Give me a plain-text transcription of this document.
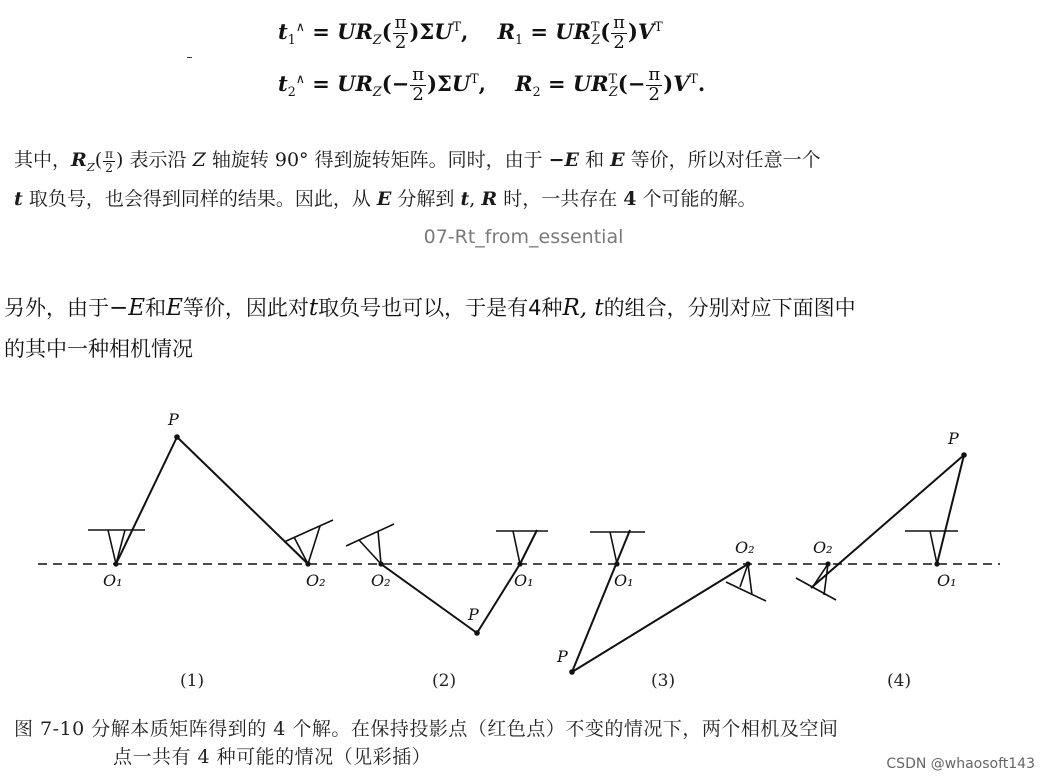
$t_1^\wedge = UR_Z( \frac{\pi}{2} )\Sigma U^T$,    $R_1 = UR^T_Z( \frac{\pi}{2} )V^T$
$t_2^\wedge = UR_Z(- \frac{\pi}{2} )\Sigma U^T$,    $R_2 = UR^T_Z(- \frac{\pi}{2} )V^T$.
其中，$R_Z( \frac{\pi}{2}$ ) 表示沿 Z 轴旋转 90° 得到旋转矩阵。同时，由于 −E 和 E 等价，所以对任意一个
t 取负号，也会得到同样的结果。因此，从 E 分解到 t, R 时，一共存在 4 个可能的解。
07-Rt_from_essential
另外，由于−E和E等价，因此对t取负号也可以，于是有4种R, t的组合，分别对应下面图中
的其中一种相机情况
P
O₁	O₂	O₂
P
O₁	O₁
P
O₂	O₂
P
O₁
(1)	(2)	(3)	(4)
图 7-10 分解本质矩阵得到的 4 个解。在保持投影点（红色点）不变的情况下，两个相机及空间
点一共有 4 种可能的情况（见彩插）	CSDN @whaosoft143
